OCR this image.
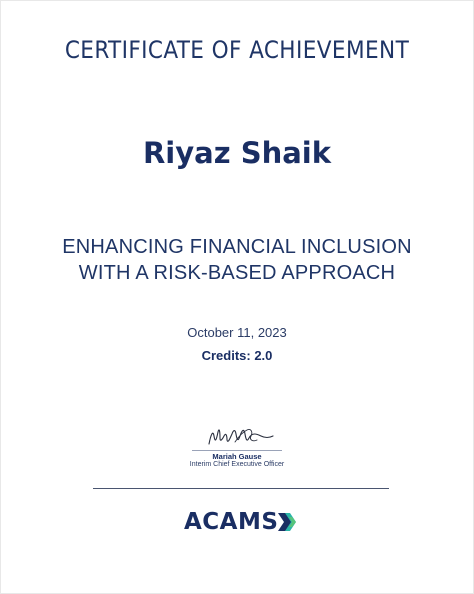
CERTIFICATE OF ACHIEVEMENT
Riyaz Shaik
ENHANCING FINANCIAL INCLUSION
WITH A RISK-BASED APPROACH
October 11, 2023
Credits: 2.0
Mariah Gause
Interim Chief Executive Officer
ACAMS
